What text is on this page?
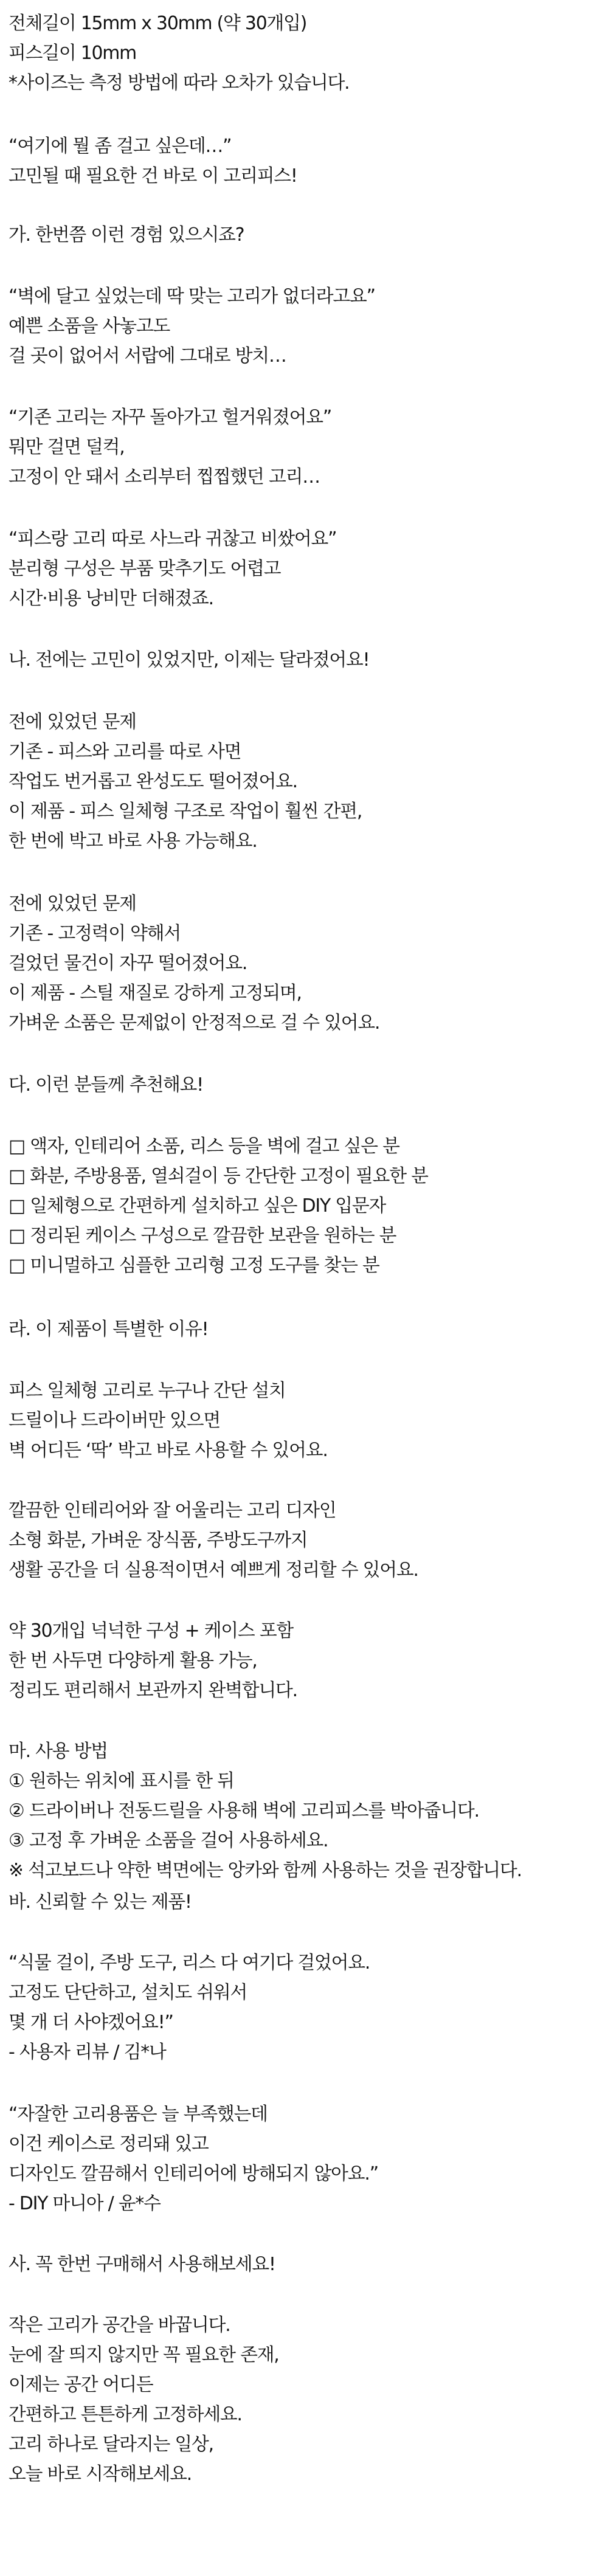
전체길이 15mm x 30mm (약 30개입)
피스길이 10mm
*사이즈는 측정 방법에 따라 오차가 있습니다.
“여기에 뭘 좀 걸고 싶은데…”
고민될 때 필요한 건 바로 이 고리피스!
가. 한번쯤 이런 경험 있으시죠?
“벽에 달고 싶었는데 딱 맞는 고리가 없더라고요”
예쁜 소품을 사놓고도
걸 곳이 없어서 서랍에 그대로 방치…
“기존 고리는 자꾸 돌아가고 헐거워졌어요”
뭐만 걸면 덜컥,
고정이 안 돼서 소리부터 찝찝했던 고리…
“피스랑 고리 따로 사느라 귀찮고 비쌌어요”
분리형 구성은 부품 맞추기도 어렵고
시간·비용 낭비만 더해졌죠.
나. 전에는 고민이 있었지만, 이제는 달라졌어요!
전에 있었던 문제
기존 - 피스와 고리를 따로 사면
작업도 번거롭고 완성도도 떨어졌어요.
이 제품 - 피스 일체형 구조로 작업이 훨씬 간편,
한 번에 박고 바로 사용 가능해요.
전에 있었던 문제
기존 - 고정력이 약해서
걸었던 물건이 자꾸 떨어졌어요.
이 제품 - 스틸 재질로 강하게 고정되며,
가벼운 소품은 문제없이 안정적으로 걸 수 있어요.
다. 이런 분들께 추천해요!
□ 액자, 인테리어 소품, 리스 등을 벽에 걸고 싶은 분
□ 화분, 주방용품, 열쇠걸이 등 간단한 고정이 필요한 분
□ 일체형으로 간편하게 설치하고 싶은 DIY 입문자
□ 정리된 케이스 구성으로 깔끔한 보관을 원하는 분
□ 미니멀하고 심플한 고리형 고정 도구를 찾는 분
라. 이 제품이 특별한 이유!
피스 일체형 고리로 누구나 간단 설치
드릴이나 드라이버만 있으면
벽 어디든 ‘딱’ 박고 바로 사용할 수 있어요.
깔끔한 인테리어와 잘 어울리는 고리 디자인
소형 화분, 가벼운 장식품, 주방도구까지
생활 공간을 더 실용적이면서 예쁘게 정리할 수 있어요.
약 30개입 넉넉한 구성 + 케이스 포함
한 번 사두면 다양하게 활용 가능,
정리도 편리해서 보관까지 완벽합니다.
마. 사용 방법
① 원하는 위치에 표시를 한 뒤
② 드라이버나 전동드릴을 사용해 벽에 고리피스를 박아줍니다.
③ 고정 후 가벼운 소품을 걸어 사용하세요.
※ 석고보드나 약한 벽면에는 앙카와 함께 사용하는 것을 권장합니다.
바. 신뢰할 수 있는 제품!
“식물 걸이, 주방 도구, 리스 다 여기다 걸었어요.
고정도 단단하고, 설치도 쉬워서
몇 개 더 사야겠어요!”
- 사용자 리뷰 / 김*나
“자잘한 고리용품은 늘 부족했는데
이건 케이스로 정리돼 있고
디자인도 깔끔해서 인테리어에 방해되지 않아요.”
- DIY 마니아 / 윤*수
사. 꼭 한번 구매해서 사용해보세요!
작은 고리가 공간을 바꿉니다.
눈에 잘 띄지 않지만 꼭 필요한 존재,
이제는 공간 어디든
간편하고 튼튼하게 고정하세요.
고리 하나로 달라지는 일상,
오늘 바로 시작해보세요.
